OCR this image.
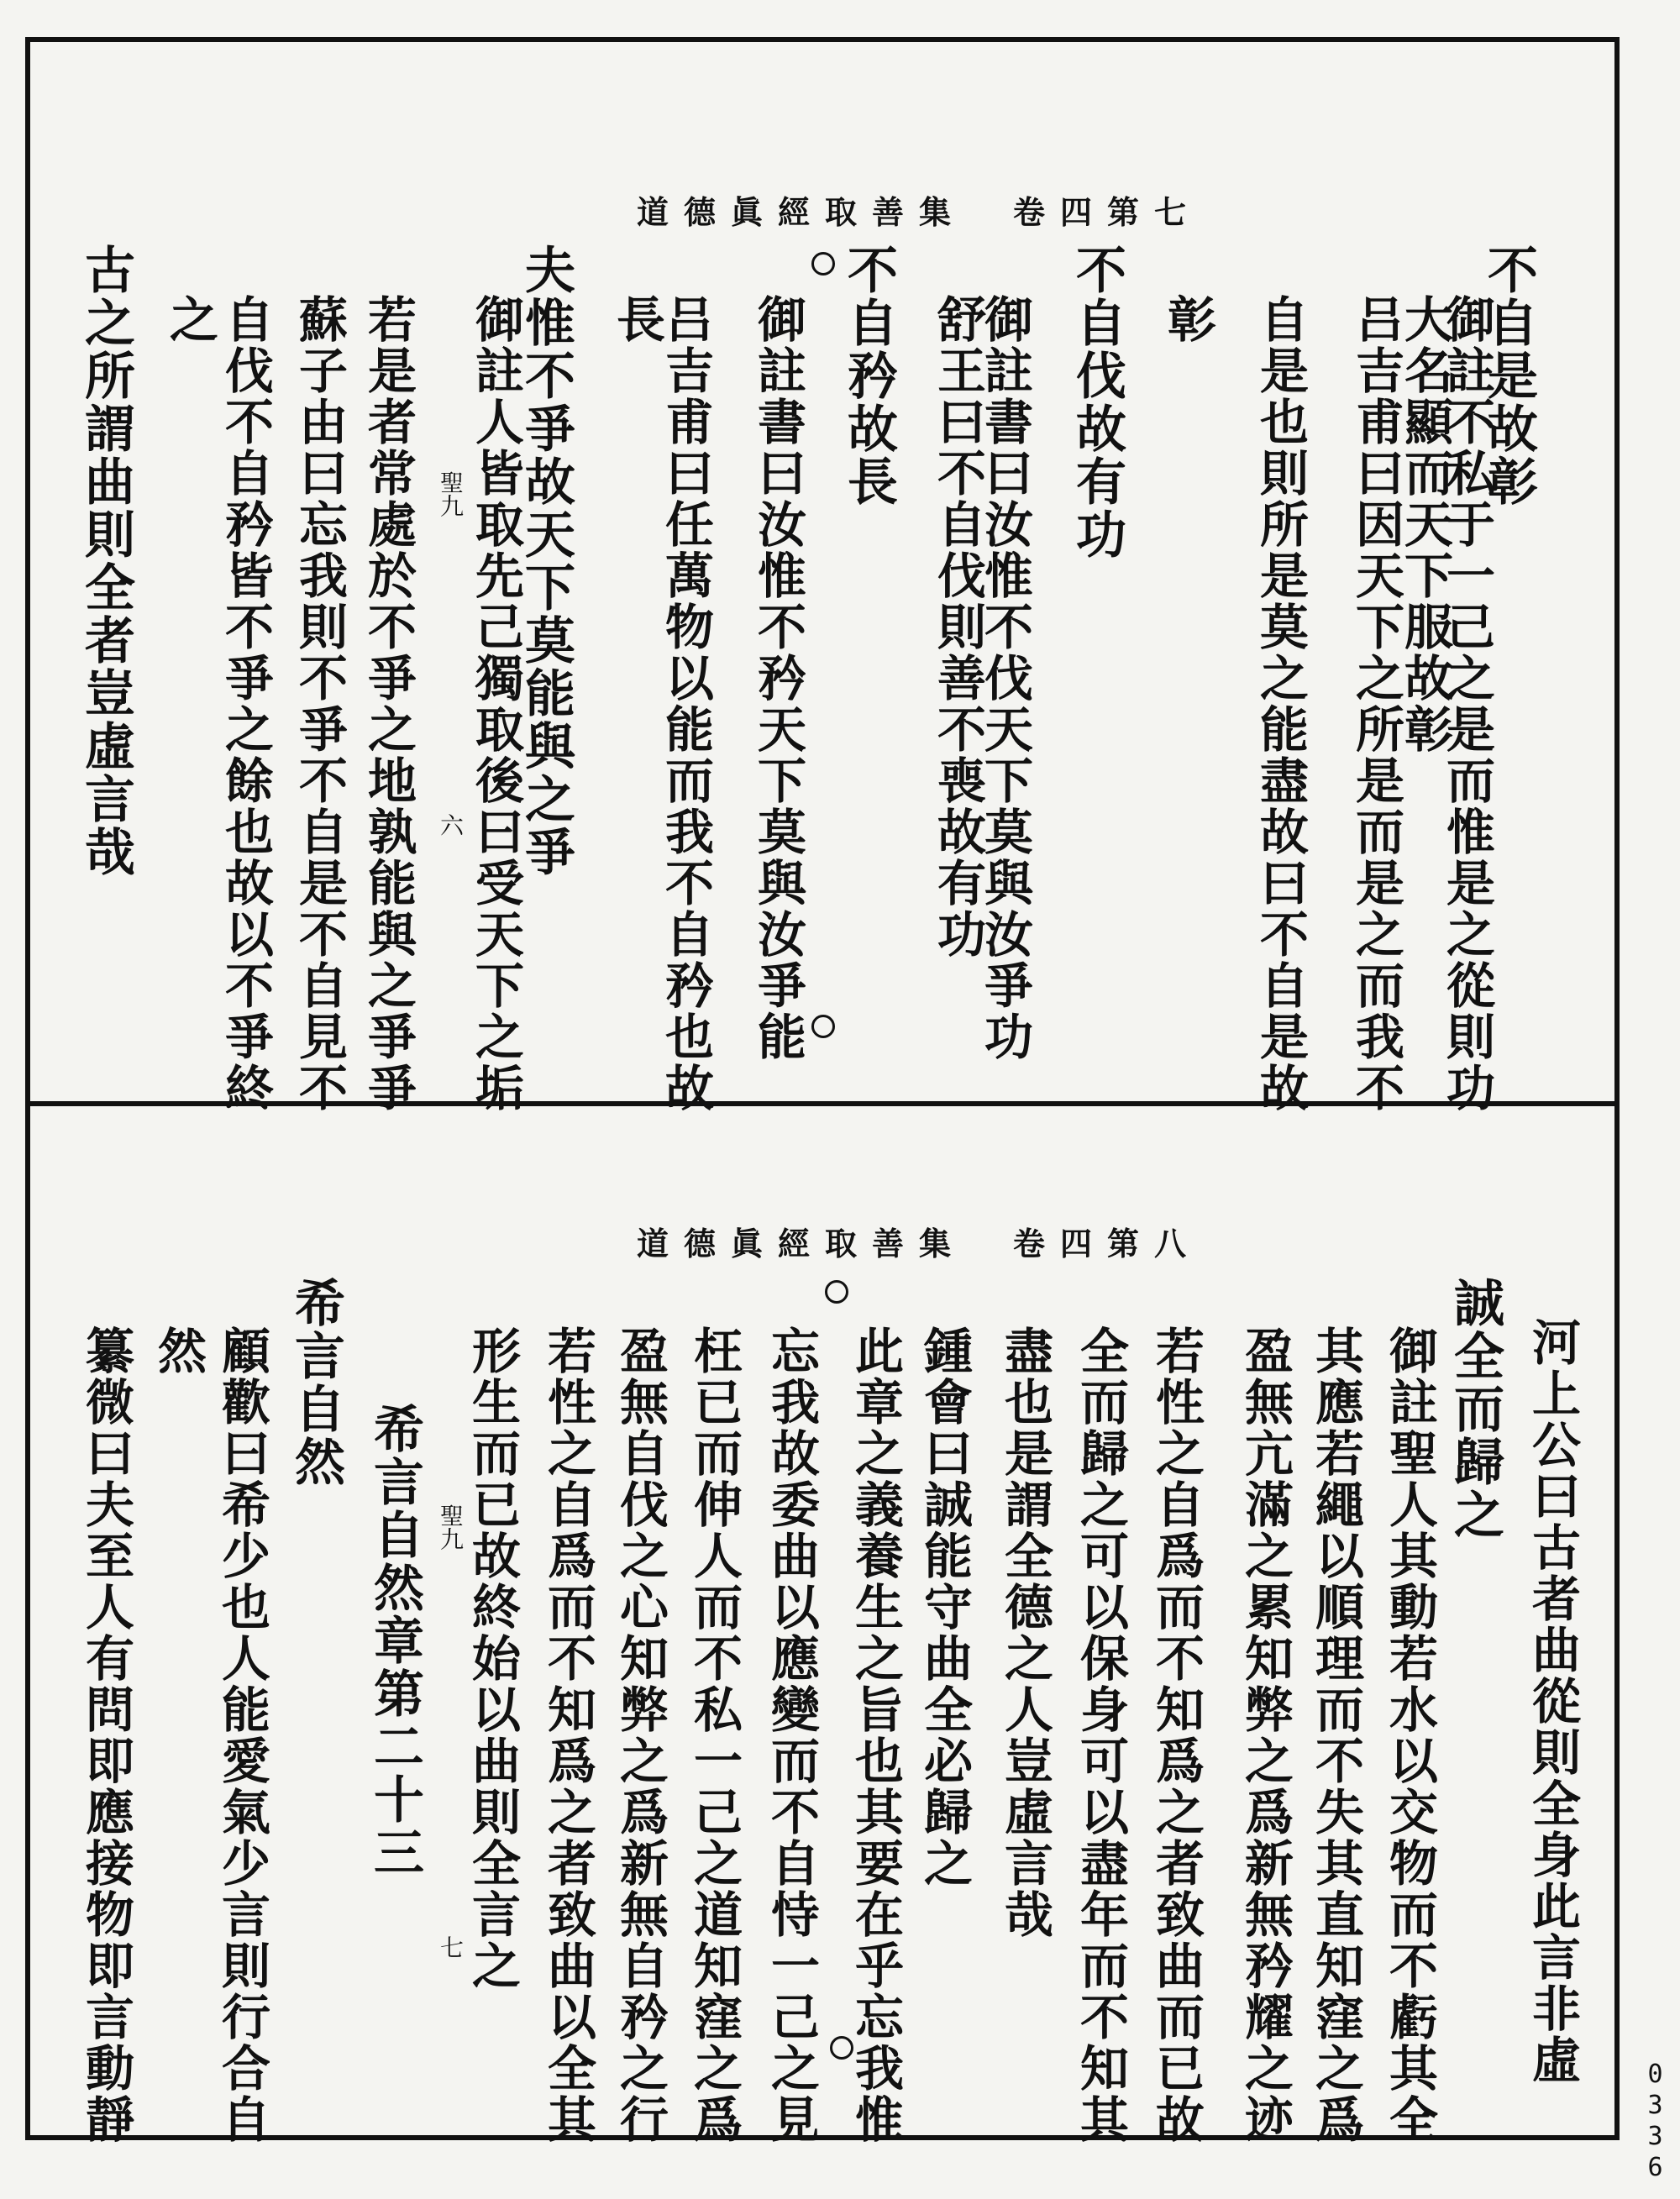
道德眞經取善集　卷四第七
不自是故彰
御註不私于一己之是而惟是之從則功
大名顯而天下服故彰
吕吉甫曰因天下之所是而是之而我不
自是也則所是莫之能盡故曰不自是故
彰
不自伐故有功
御註書曰汝惟不伐天下莫與汝爭功
舒王曰不自伐則善不喪故有功
不自矜故長
御註書曰汝惟不矜天下莫與汝爭能
吕吉甫曰任萬物以能而我不自矜也故
長
夫惟不爭故天下莫能與之爭
御註人皆取先己獨取後曰受天下之垢
若是者常處於不爭之地孰能與之爭爭
蘇子由曰忘我則不爭不自是不自見不
自伐不自矜皆不爭之餘也故以不爭終
之
古之所謂曲則全者豈虛言哉	聖九
六
道德眞經取善集　卷四第八
河上公曰古者曲從則全身此言非虛
誠全而歸之
御註聖人其動若水以交物而不虧其全
其應若繩以順理而不失其直知窪之爲
盈無亢滿之累知弊之爲新無矜耀之迹
若性之自爲而不知爲之者致曲而已故
全而歸之可以保身可以盡年而不知其
盡也是謂全德之人豈虛言哉
鍾會曰誠能守曲全必歸之
此章之義養生之旨也其要在乎忘我惟
忘我故委曲以應變而不自恃一己之見
枉已而伸人而不私一己之道知窪之爲
盈無自伐之心知弊之爲新無自矜之行
若性之自爲而不知爲之者致曲以全其
形生而已故終始以曲則全言之
希言自然章第二十三
希言自然
顧歡曰希少也人能愛氣少言則行合自
然
纂微曰夫至人有問即應接物即言動靜	聖九
七
0336
